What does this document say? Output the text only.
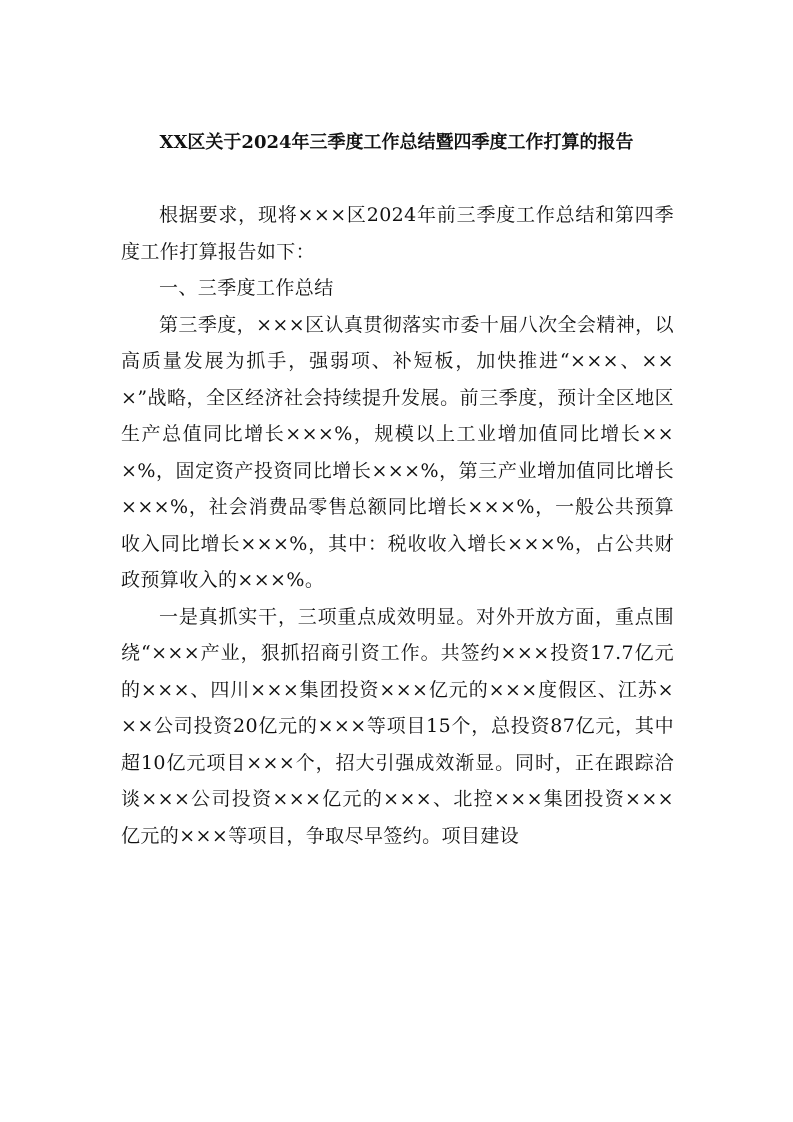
XX区关于2024年三季度工作总结暨四季度工作打算的报告

根据要求，现将×××区2024年前三季度工作总结和第四季度工作打算报告如下：

一、三季度工作总结

第三季度，×××区认真贯彻落实市委十届八次全会精神，以高质量发展为抓手，强弱项、补短板，加快推进“×××、×××”战略，全区经济社会持续提升发展。前三季度，预计全区地区生产总值同比增长×××%，规模以上工业增加值同比增长×××%，固定资产投资同比增长×××%，第三产业增加值同比增长×××%，社会消费品零售总额同比增长×××%，一般公共预算收入同比增长×××%，其中：税收收入增长×××%，占公共财政预算收入的×××%。

一是真抓实干，三项重点成效明显。对外开放方面，重点围绕“×××产业，狠抓招商引资工作。共签约×××投资17.7亿元的×××、四川×××集团投资×××亿元的×××度假区、江苏×××公司投资20亿元的×××等项目15个，总投资87亿元，其中超10亿元项目×××个，招大引强成效渐显。同时，正在跟踪洽谈×××公司投资×××亿元的×××、北控×××集团投资×××亿元的×××等项目，争取尽早签约。项目建设
